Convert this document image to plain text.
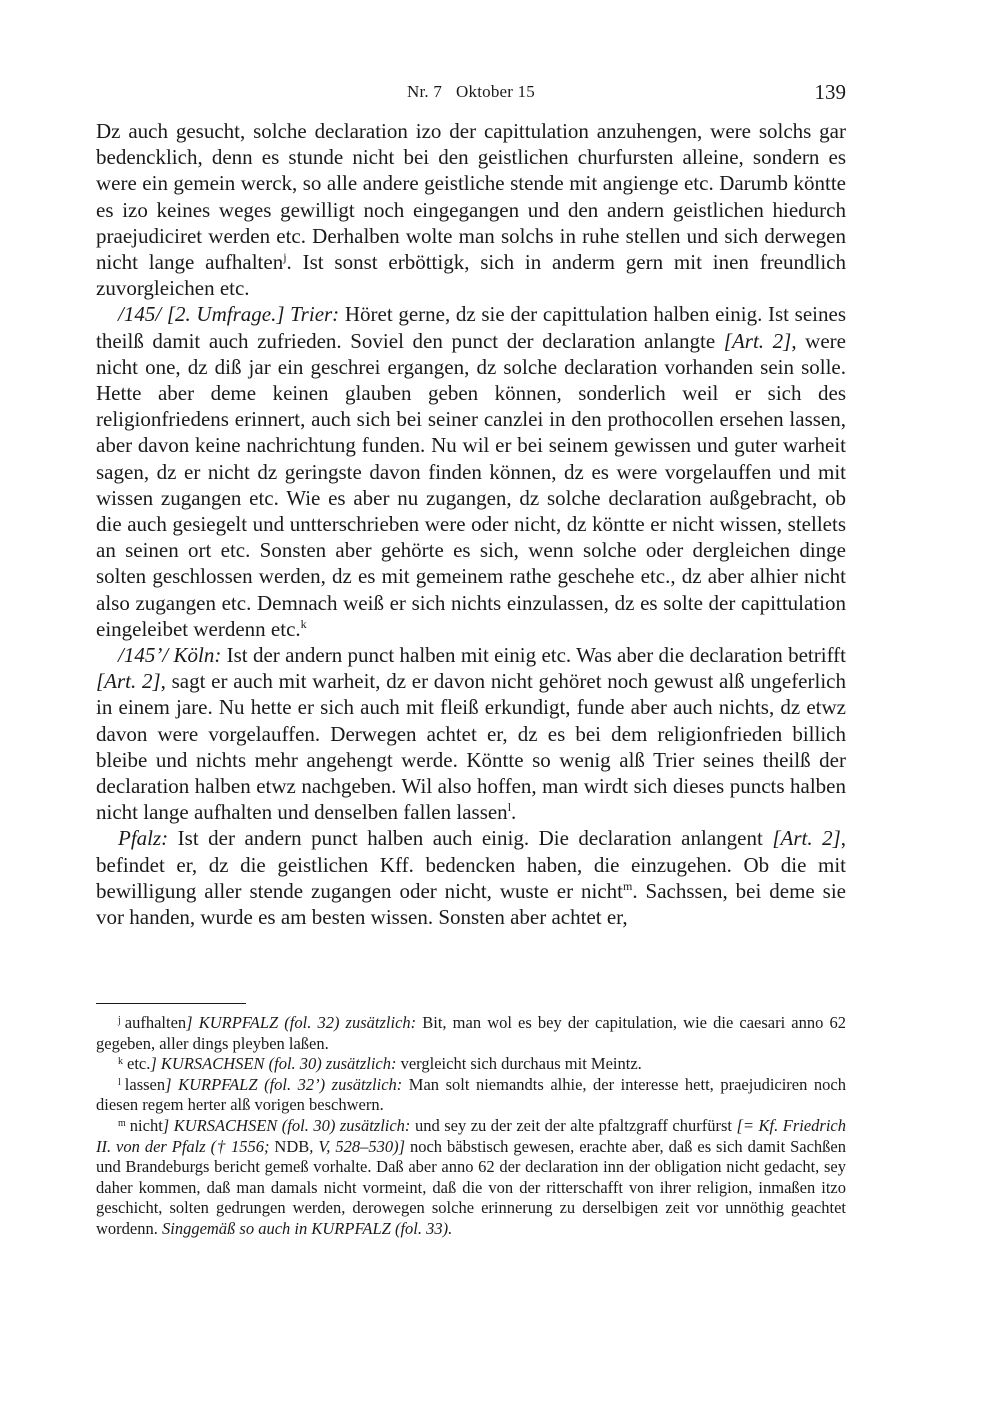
Nr. 7 Oktober 15	139

Dz auch gesucht, solche declaration izo der capittulation anzuhengen, were solchs gar bedencklich, denn es stunde nicht bei den geistlichen churfursten alleine, sondern es were ein gemein werck, so alle andere geistliche stende mit angienge etc. Darumb köntte es izo keines weges gewilligt noch eingegangen und den andern geistlichen hiedurch praejudiciret werden etc. Derhalben wolte man solchs in ruhe stellen und sich derwegen nicht lange aufhalten$^j$. Ist sonst erböttigk, sich in anderm gern mit inen freundlich zuvorgleichen etc.

/145/ [2. Umfrage.] Trier: Höret gerne, dz sie der capittulation halben einig. Ist seines theilß damit auch zufrieden. Soviel den punct der declaration anlangte [Art. 2], were nicht one, dz diß jar ein geschrei ergangen, dz solche declaration vorhanden sein solle. Hette aber deme keinen glauben geben können, sonderlich weil er sich des religionfriedens erinnert, auch sich bei seiner canzlei in den prothocollen ersehen lassen, aber davon keine nachrichtung funden. Nu wil er bei seinem gewissen und guter warheit sagen, dz er nicht dz geringste davon finden können, dz es were vorgelauffen und mit wissen zugangen etc. Wie es aber nu zugangen, dz solche declaration außgebracht, ob die auch gesiegelt und untterschrieben were oder nicht, dz köntte er nicht wissen, stellets an seinen ort etc. Sonsten aber gehörte es sich, wenn solche oder dergleichen dinge solten geschlossen werden, dz es mit gemeinem rathe geschehe etc., dz aber alhier nicht also zugangen etc. Demnach weiß er sich nichts einzulassen, dz es solte der capittulation eingeleibet werdenn etc.$^k$

/145’/ Köln: Ist der andern punct halben mit einig etc. Was aber die declaration betrifft [Art. 2], sagt er auch mit warheit, dz er davon nicht gehöret noch gewust alß ungeferlich in einem jare. Nu hette er sich auch mit fleiß erkundigt, funde aber auch nichts, dz etwz davon were vorgelauffen. Derwegen achtet er, dz es bei dem religionfrieden billich bleibe und nichts mehr angehengt werde. Köntte so wenig alß Trier seines theilß der declaration halben etwz nachgeben. Wil also hoffen, man wirdt sich dieses puncts halben nicht lange aufhalten und denselben fallen lassen$^l$.

Pfalz: Ist der andern punct halben auch einig. Die declaration anlangent [Art. 2], befindet er, dz die geistlichen Kff. bedencken haben, die einzugehen. Ob die mit bewilligung aller stende zugangen oder nicht, wuste er nicht$^m$. Sachssen, bei deme sie vor handen, wurde es am besten wissen. Sonsten aber achtet er,

j aufhalten] KURPFALZ (fol. 32) zusätzlich: Bit, man wol es bey der capitulation, wie die caesari anno 62 gegeben, aller dings pleyben laßen.

k etc.] KURSACHSEN (fol. 30) zusätzlich: vergleicht sich durchaus mit Meintz.

l lassen] KURPFALZ (fol. 32’) zusätzlich: Man solt niemandts alhie, der interesse hett, praejudiciren noch diesen regem herter alß vorigen beschwern.

m nicht] KURSACHSEN (fol. 30) zusätzlich: und sey zu der zeit der alte pfaltzgraff churfürst [= Kf. Friedrich II. von der Pfalz († 1556; NDB, V, 528–530)] noch bäbstisch gewesen, erachte aber, daß es sich damit Sachßen und Brandeburgs bericht gemeß vorhalte. Daß aber anno 62 der declaration inn der obligation nicht gedacht, sey daher kommen, daß man damals nicht vormeint, daß die von der ritterschafft von ihrer religion, inmaßen itzo geschicht, solten gedrungen werden, derowegen solche erinnerung zu derselbigen zeit vor unnöthig geachtet wordenn. Singgemäß so auch in KURPFALZ (fol. 33).
